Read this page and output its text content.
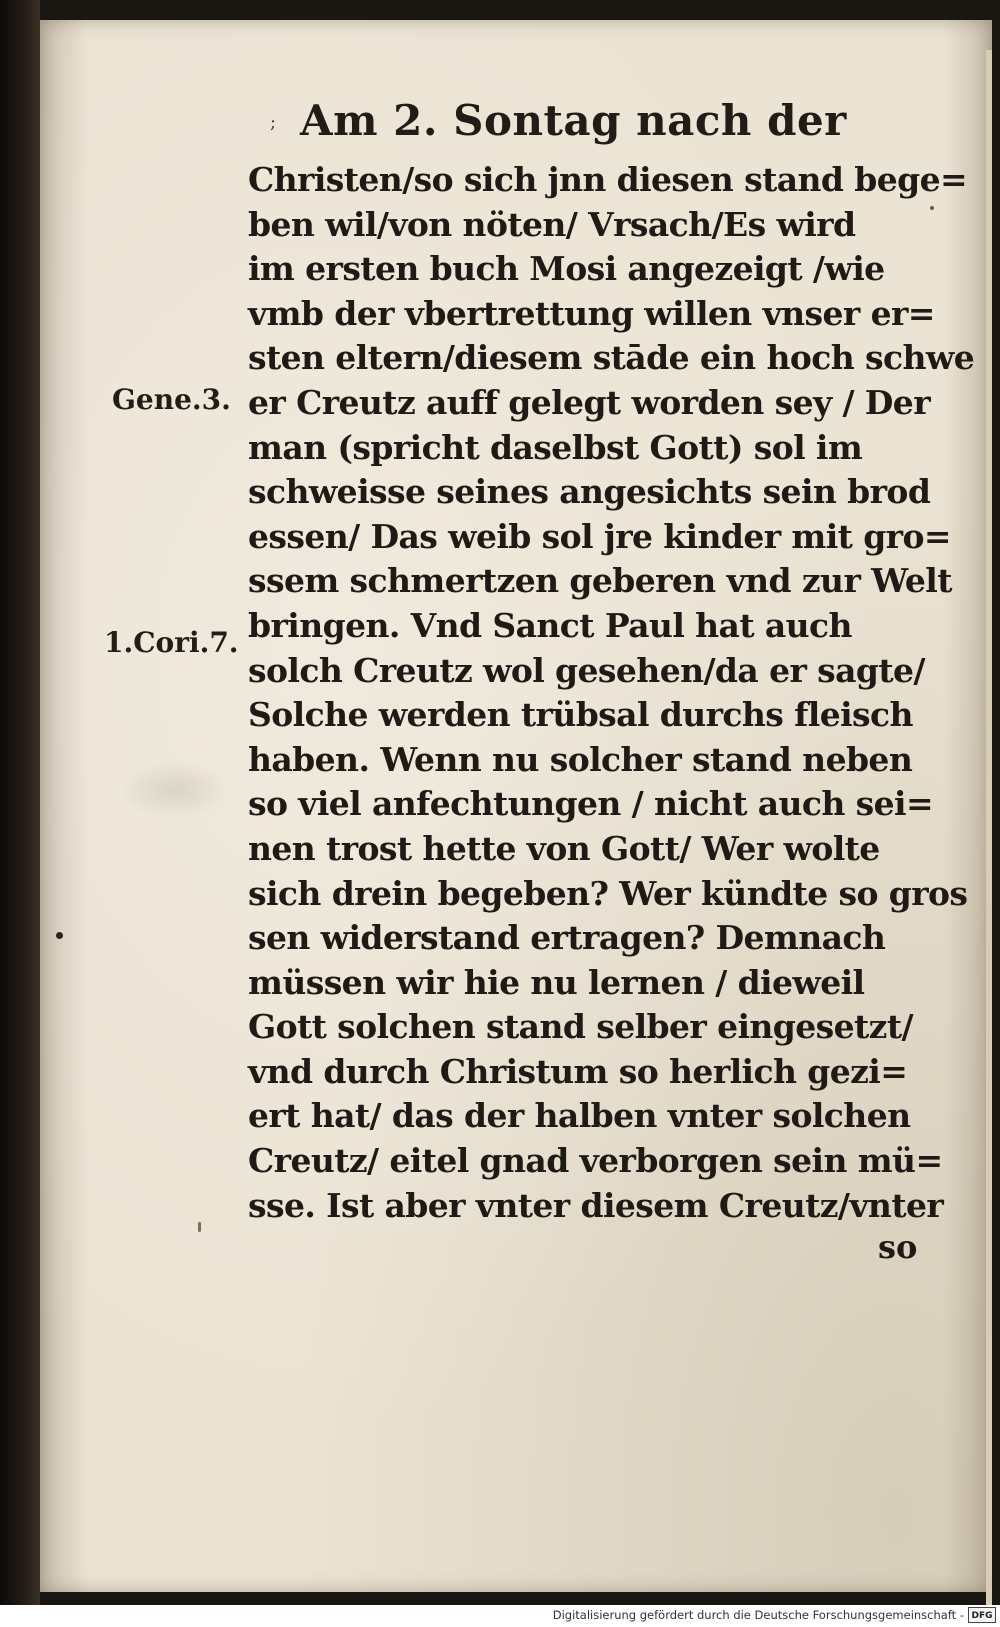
; Am 2. Sontag nach der
Gene.3.
1.Cori.7.
Christen/so sich jnn diesen stand bege=
ben wil/von nöten/ Vrsach/Es wird
im ersten buch Mosi angezeigt /wie
vmb der vbertrettung willen vnser er=
sten eltern/diesem stāde ein hoch schwe
er Creutz auff gelegt worden sey / Der
man (spricht daselbst Gott) sol im
schweisse seines angesichts sein brod
essen/ Das weib sol jre kinder mit gro=
ssem schmertzen geberen vnd zur Welt
bringen. Vnd Sanct Paul hat auch
solch Creutz wol gesehen/da er sagte/
Solche werden trübsal durchs fleisch
haben. Wenn nu solcher stand neben
so viel anfechtungen / nicht auch sei=
nen trost hette von Gott/ Wer wolte
sich drein begeben? Wer kündte so gros
sen widerstand ertragen? Demnach
müssen wir hie nu lernen / dieweil
Gott solchen stand selber eingesetzt/
vnd durch Christum so herlich gezi=
ert hat/ das der halben vnter solchen
Creutz/ eitel gnad verborgen sein mü=
sse. Ist aber vnter diesem Creutz/vnter
so
Digitalisierung gefördert durch die Deutsche Forschungsgemeinschaft - DFG
